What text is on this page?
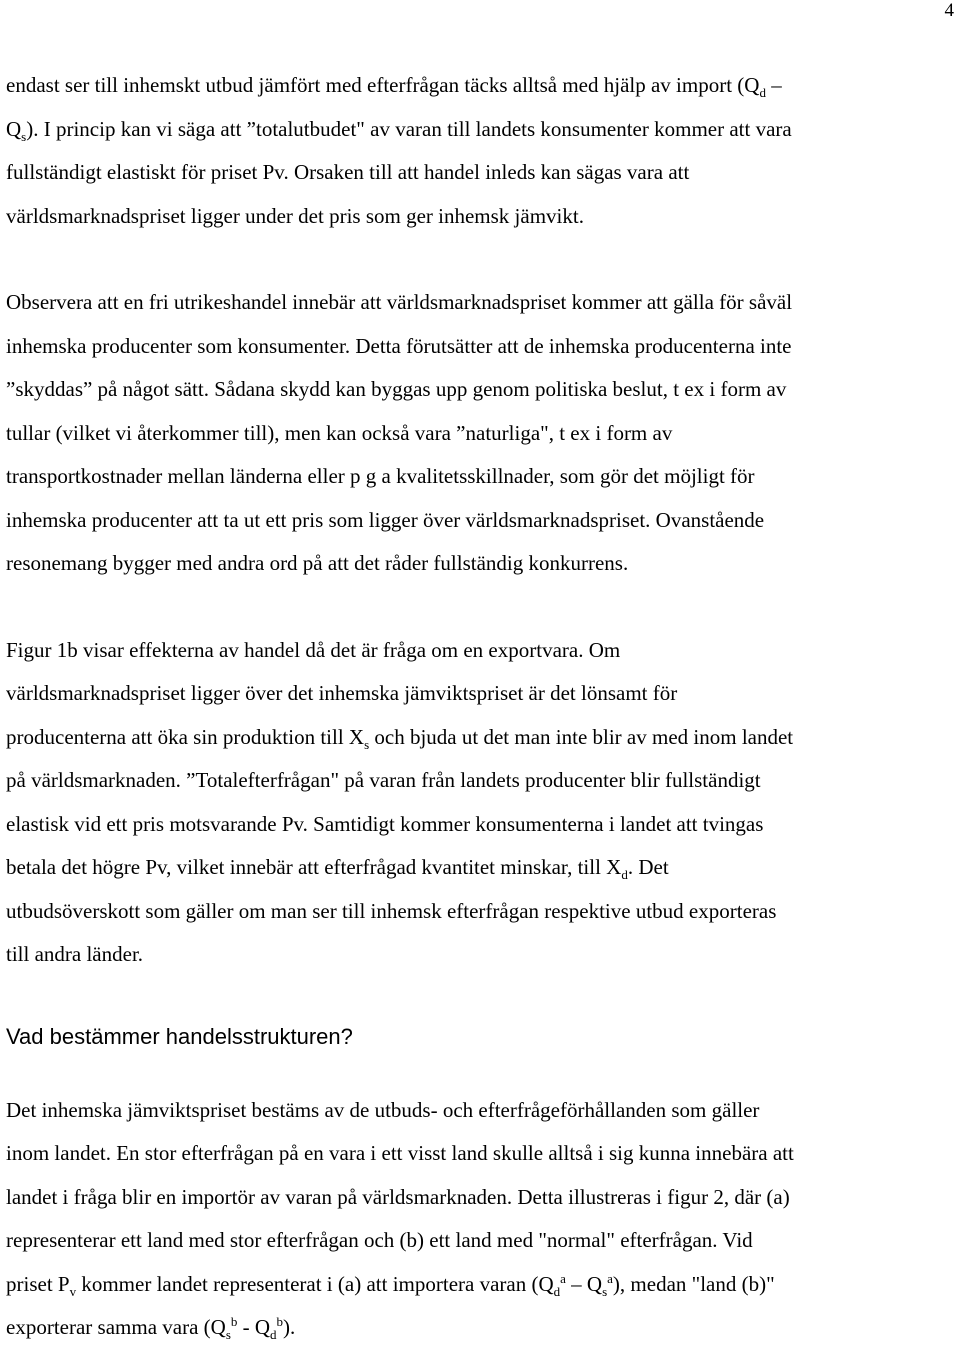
4
endast ser till inhemskt utbud jämfört med efterfrågan täcks alltså med hjälp av import ($Q_d$ –
$Q_s$). I princip kan vi säga att ”totalutbudet" av varan till landets konsumenter kommer att vara
fullständigt elastiskt för priset Pv. Orsaken till att handel inleds kan sägas vara att
världsmarknadspriset ligger under det pris som ger inhemsk jämvikt.
Observera att en fri utrikeshandel innebär att världsmarknadspriset kommer att gälla för såväl
inhemska producenter som konsumenter. Detta förutsätter att de inhemska producenterna inte
”skyddas” på något sätt. Sådana skydd kan byggas upp genom politiska beslut, t ex i form av
tullar (vilket vi återkommer till), men kan också vara ”naturliga", t ex i form av
transportkostnader mellan länderna eller p g a kvalitetsskillnader, som gör det möjligt för
inhemska producenter att ta ut ett pris som ligger över världsmarknadspriset. Ovanstående
resonemang bygger med andra ord på att det råder fullständig konkurrens.
Figur 1b visar effekterna av handel då det är fråga om en exportvara. Om
världsmarknadspriset ligger över det inhemska jämviktspriset är det lönsamt för
producenterna att öka sin produktion till $X_s$ och bjuda ut det man inte blir av med inom landet
på världsmarknaden. ”Totalefterfrågan" på varan från landets producenter blir fullständigt
elastisk vid ett pris motsvarande Pv. Samtidigt kommer konsumenterna i landet att tvingas
betala det högre Pv, vilket innebär att efterfrågad kvantitet minskar, till $X_d$. Det
utbudsöverskott som gäller om man ser till inhemsk efterfrågan respektive utbud exporteras
till andra länder.
Vad bestämmer handelsstrukturen?
Det inhemska jämviktspriset bestäms av de utbuds- och efterfrågeförhållanden som gäller
inom landet. En stor efterfrågan på en vara i ett visst land skulle alltså i sig kunna innebära att
landet i fråga blir en importör av varan på världsmarknaden. Detta illustreras i figur 2, där (a)
representerar ett land med stor efterfrågan och (b) ett land med "normal" efterfrågan. Vid
priset $P_v$ kommer landet representerat i (a) att importera varan $(Q_d^a - Q_s^a)$, medan "land (b)"
exporterar samma vara $(Q_s^b - Q_d^b)$.
